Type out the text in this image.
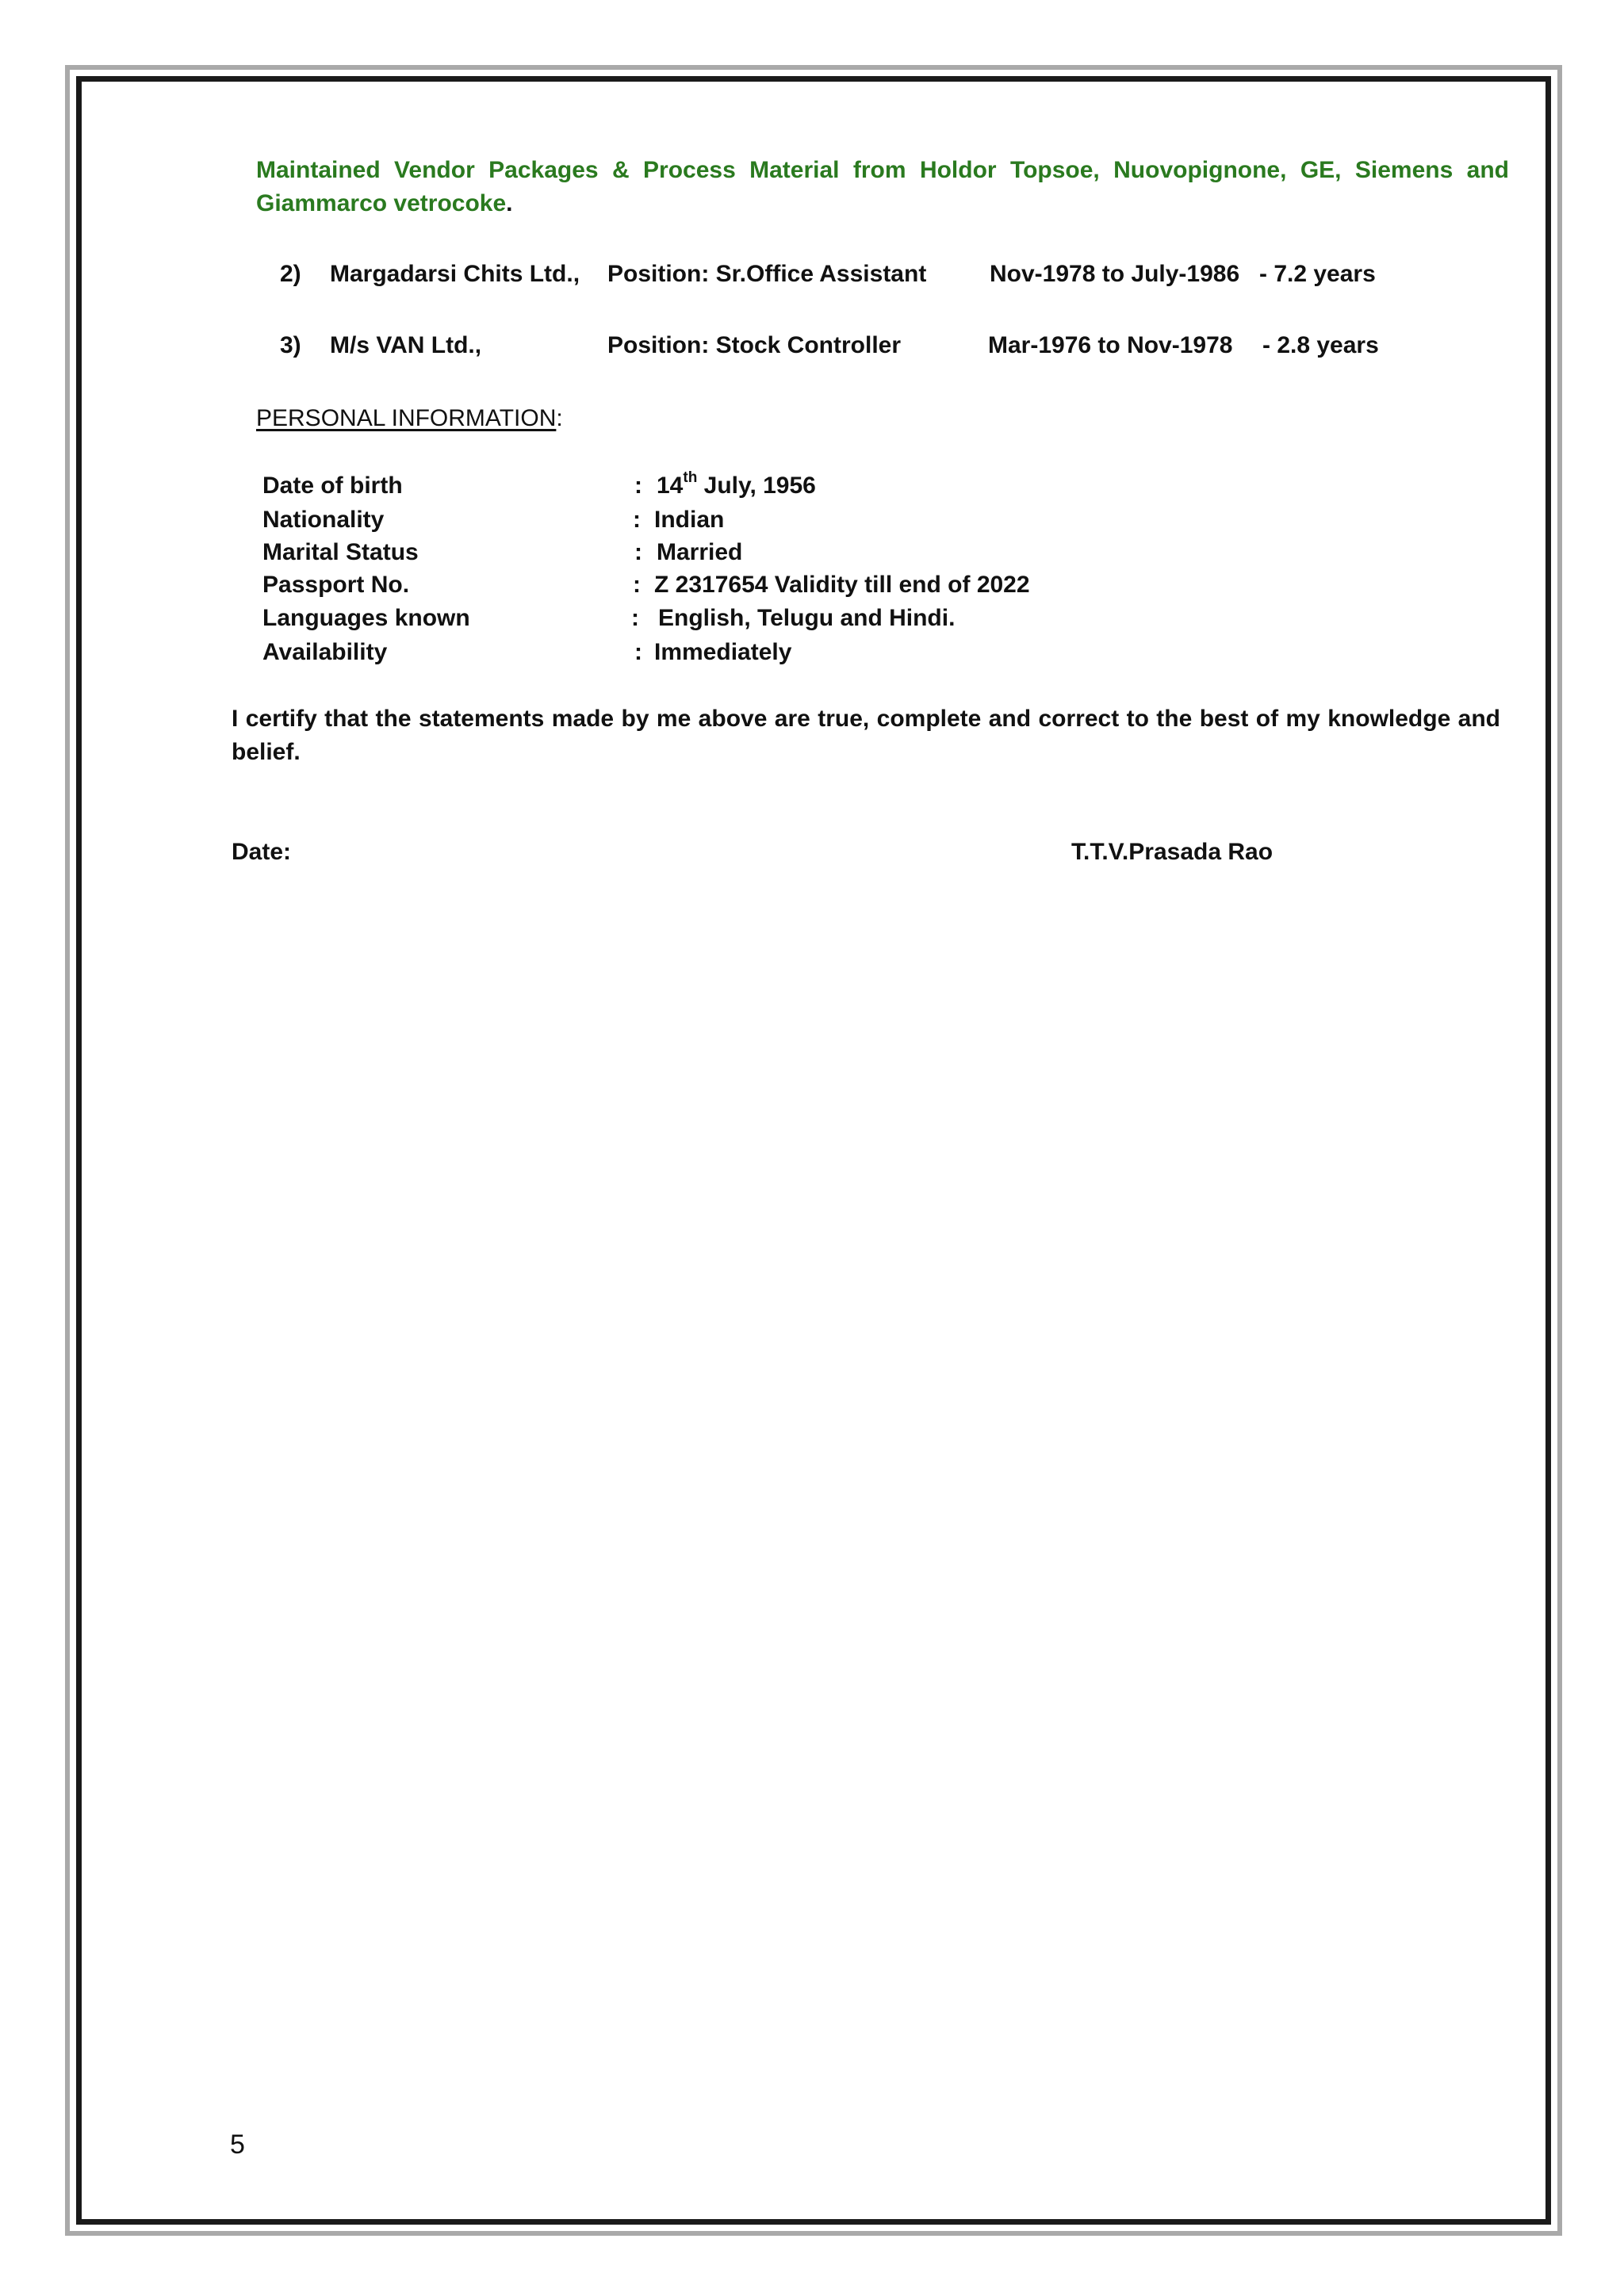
Maintained Vendor Packages & Process Material from Holdor Topsoe, Nuovopignone, GE, Siemens and Giammarco vetrocoke.
2) Margadarsi Chits Ltd., Position: Sr.Office Assistant	Nov-1978 to July-1986 - 7.2 years
3) M/s VAN Ltd.,	Position: Stock Controller	Mar-1976 to Nov-1978 - 2.8 years
PERSONAL INFORMATION:
Date of birth	: 14th July, 1956
Nationality	: Indian
Marital Status	: Married
Passport No.	: Z 2317654 Validity till end of 2022
Languages known	: English, Telugu and Hindi.
Availability	: Immediately
I certify that the statements made by me above are true, complete and correct to the best of my knowledge and belief.
Date:	T.T.V.Prasada Rao
5
